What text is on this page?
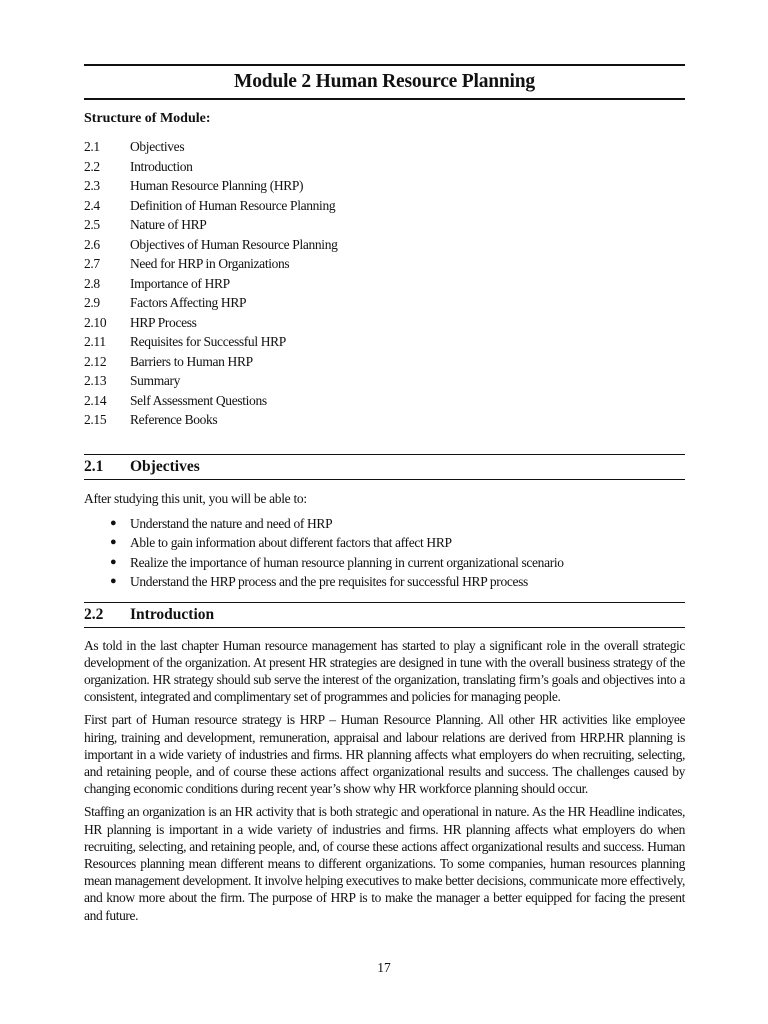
Module 2 Human Resource Planning
Structure of Module:
2.1	Objectives
2.2	Introduction
2.3	Human Resource Planning (HRP)
2.4	Definition of Human Resource Planning
2.5	Nature of HRP
2.6	Objectives of Human Resource Planning
2.7	Need for HRP in Organizations
2.8	Importance of HRP
2.9	Factors Affecting HRP
2.10	HRP Process
2.11	Requisites for Successful HRP
2.12	Barriers to Human HRP
2.13	Summary
2.14	Self Assessment Questions
2.15	Reference Books
2.1	Objectives
After studying this unit, you will be able to:
●	Understand the nature and need of HRP
●	Able to gain information about different factors that affect HRP
●	Realize the importance of human resource planning in current organizational scenario
●	Understand the HRP process and the pre requisites for successful HRP process
2.2	Introduction

As told in the last chapter Human resource management has started to play a significant role in the overall strategic development of the organization. At present HR strategies are designed in tune with the overall business strategy of the organization. HR strategy should sub serve the interest of the organization, translating firm’s goals and objectives into a consistent, integrated and complimentary set of programmes and policies for managing people.

First part of Human resource strategy is HRP – Human Resource Planning. All other HR activities like employee hiring, training and development, remuneration, appraisal and labour relations are derived from HRP.HR planning is important in a wide variety of industries and firms. HR planning affects what employers do when recruiting, selecting, and retaining people, and of course these actions affect organizational results and success. The challenges caused by changing economic conditions during recent year’s show why HR workforce planning should occur.

Staffing an organization is an HR activity that is both strategic and operational in nature. As the HR Headline indicates, HR planning is important in a wide variety of industries and firms. HR planning affects what employers do when recruiting, selecting, and retaining people, and, of course these actions affect organizational results and success. Human Resources planning mean different means to different organizations. To some companies, human resources planning mean management development. It involve helping executives to make better decisions, communicate more effectively, and know more about the firm. The purpose of HRP is to make the manager a better equipped for facing the present and future.

17
